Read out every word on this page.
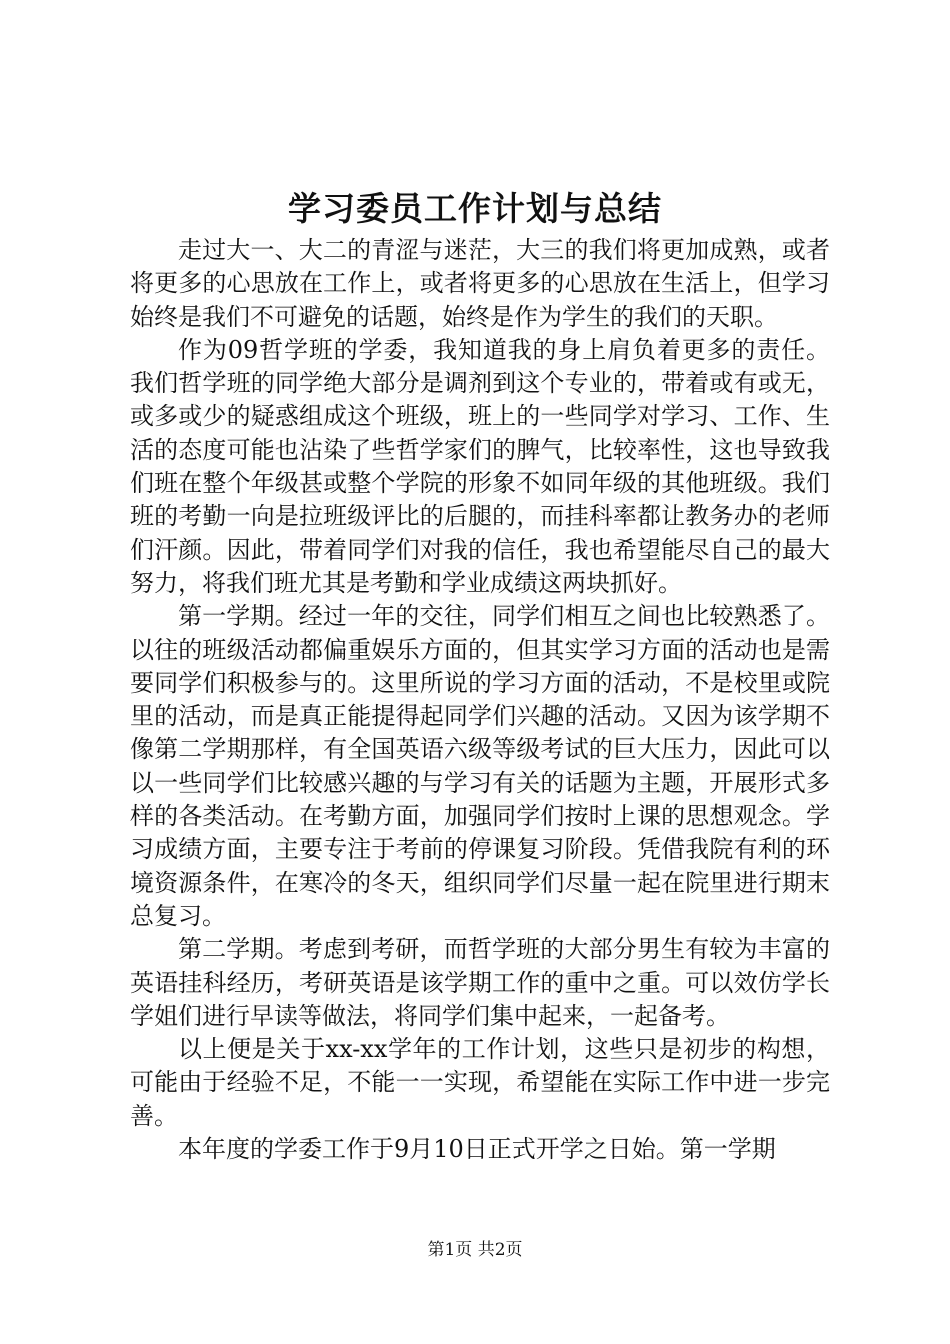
学习委员工作计划与总结

走过大一、大二的青涩与迷茫，大三的我们将更加成熟，或者将更多的心思放在工作上，或者将更多的心思放在生活上，但学习始终是我们不可避免的话题，始终是作为学生的我们的天职。

作为09哲学班的学委，我知道我的身上肩负着更多的责任。我们哲学班的同学绝大部分是调剂到这个专业的，带着或有或无，或多或少的疑惑组成这个班级，班上的一些同学对学习、工作、生活的态度可能也沾染了些哲学家们的脾气，比较率性，这也导致我们班在整个年级甚或整个学院的形象不如同年级的其他班级。我们班的考勤一向是拉班级评比的后腿的，而挂科率都让教务办的老师们汗颜。因此，带着同学们对我的信任，我也希望能尽自己的最大努力，将我们班尤其是考勤和学业成绩这两块抓好。

第一学期。经过一年的交往，同学们相互之间也比较熟悉了。以往的班级活动都偏重娱乐方面的，但其实学习方面的活动也是需要同学们积极参与的。这里所说的学习方面的活动，不是校里或院里的活动，而是真正能提得起同学们兴趣的活动。又因为该学期不像第二学期那样，有全国英语六级等级考试的巨大压力，因此可以以一些同学们比较感兴趣的与学习有关的话题为主题，开展形式多样的各类活动。在考勤方面，加强同学们按时上课的思想观念。学习成绩方面，主要专注于考前的停课复习阶段。凭借我院有利的环境资源条件，在寒冷的冬天，组织同学们尽量一起在院里进行期末总复习。

第二学期。考虑到考研，而哲学班的大部分男生有较为丰富的英语挂科经历，考研英语是该学期工作的重中之重。可以效仿学长学姐们进行早读等做法，将同学们集中起来，一起备考。

以上便是关于xx-xx学年的工作计划，这些只是初步的构想，可能由于经验不足，不能一一实现，希望能在实际工作中进一步完善。

本年度的学委工作于9月10日正式开学之日始。第一学期

第1页 共2页
